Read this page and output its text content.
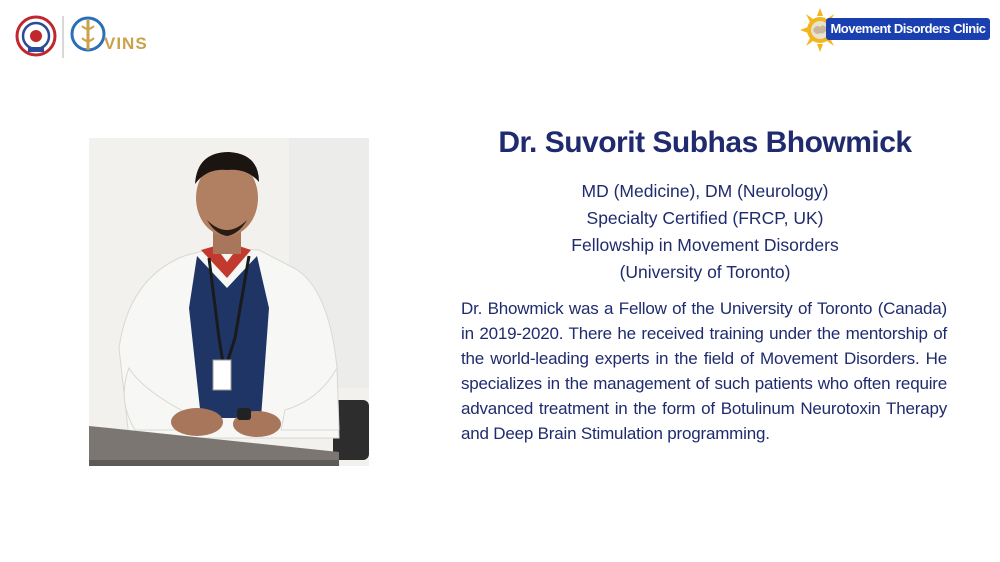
VINS
Movement Disorders Clinic
Dr. Suvorit Subhas Bhowmick
MD (Medicine), DM (Neurology)
Specialty Certified (FRCP, UK)
Fellowship in Movement Disorders
(University of Toronto)
Dr. Bhowmick was a Fellow of the University of Toronto (Canada) in 2019-2020. There he received training under the mentorship of the world-leading experts in the field of Movement Disorders. He specializes in the management of such patients who often require advanced treatment in the form of Botulinum Neurotoxin Therapy and Deep Brain Stimulation programming.
